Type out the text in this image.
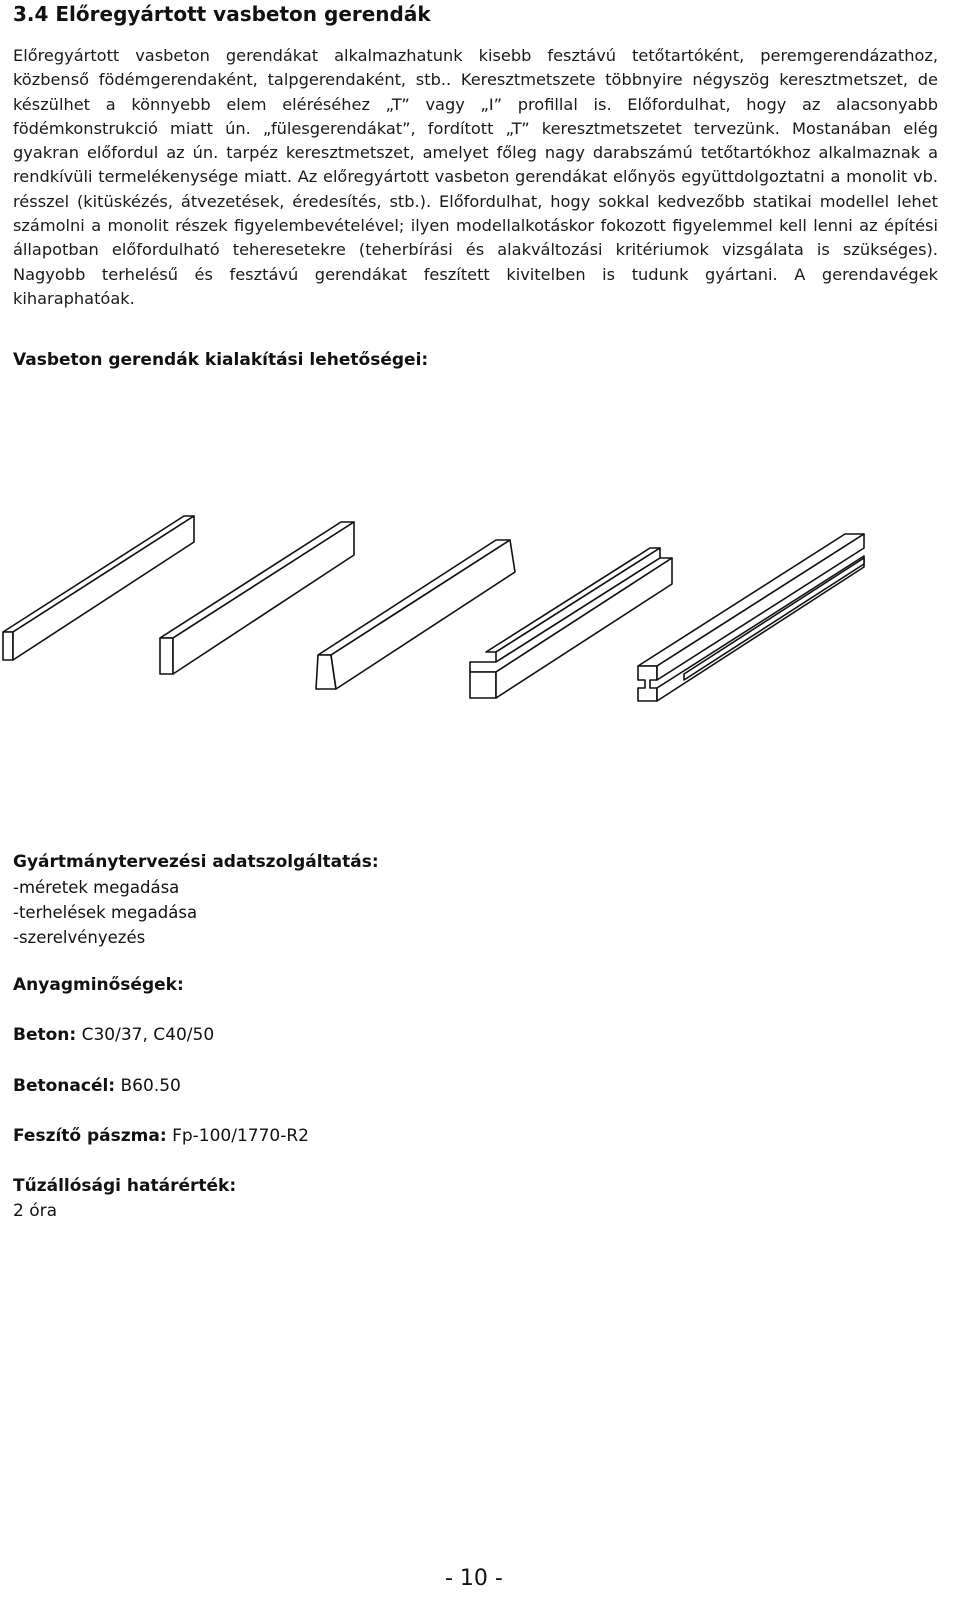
3.4 Előregyártott vasbeton gerendák

Előregyártott vasbeton gerendákat alkalmazhatunk kisebb fesztávú tetőtartóként, peremgerendázathoz, közbenső födémgerendaként, talpgerendaként, stb.. Keresztmetszete többnyire négyszög keresztmetszet, de készülhet a könnyebb elem eléréséhez „T” vagy „I” profillal is. Előfordulhat, hogy az alacsonyabb födémkonstrukció miatt ún. „fülesgerendákat”, fordított „T” keresztmetszetet tervezünk. Mostanában elég gyakran előfordul az ún. tarpéz keresztmetszet, amelyet főleg nagy darabszámú tetőtartókhoz alkalmaznak a rendkívüli termelékenysége miatt. Az előregyártott vasbeton gerendákat előnyös együttdolgoztatni a monolit vb. résszel (kitüskézés, átvezetések, éredesítés, stb.). Előfordulhat, hogy sokkal kedvezőbb statikai modellel lehet számolni a monolit részek figyelembevételével; ilyen modellalkotáskor fokozott figyelemmel kell lenni az építési állapotban előfordulható teheresetekre (teherbírási és alakváltozási kritériumok vizsgálata is szükséges). Nagyobb terhelésű és fesztávú gerendákat feszített kivitelben is tudunk gyártani. A gerendavégek kiharaphatóak.

Vasbeton gerendák kialakítási lehetőségei:

Gyártmánytervezési adatszolgáltatás:

-méretek megadása
-terhelések megadása
-szerelvényezés

Anyagminőségek:

Beton: C30/37, C40/50

Betonacél: B60.50

Feszítő pászma: Fp-100/1770-R2

Tűzállósági határérték:

2 óra

- 10 -
